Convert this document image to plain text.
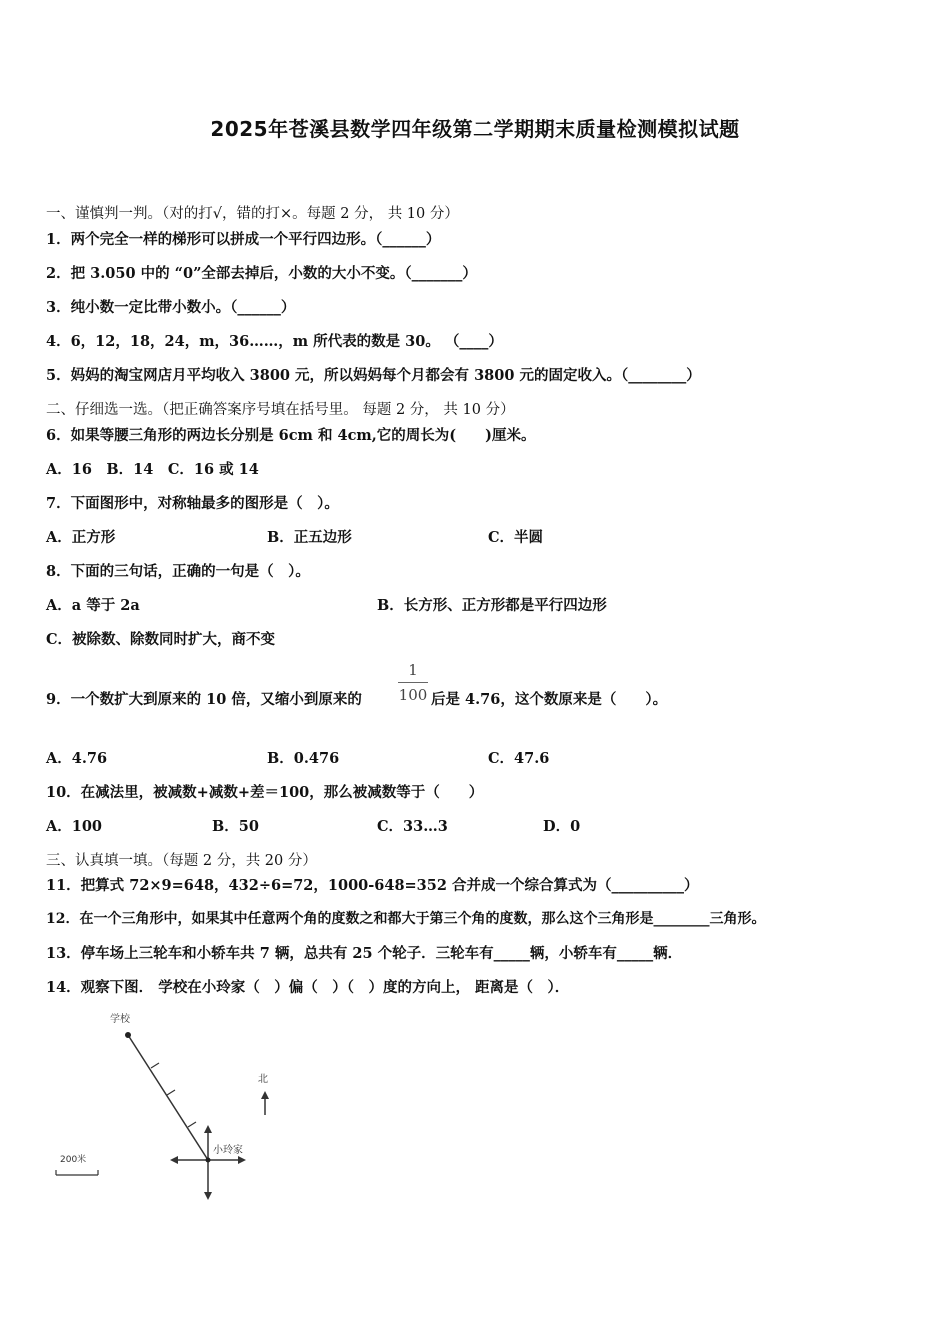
2025年苍溪县数学四年级第二学期期末质量检测模拟试题
一、谨慎判一判。（对的打√，错的打×。每题 2 分， 共 10 分）
1．两个完全一样的梯形可以拼成一个平行四边形。（______）
2．把 3.050 中的 “0”全部去掉后，小数的大小不变。（_______）
3．纯小数一定比带小数小。（______）
4．6，12，18，24，m，36……，m 所代表的数是 30。 （____）
5．妈妈的淘宝网店月平均收入 3800 元，所以妈妈每个月都会有 3800 元的固定收入。（________）
二、仔细选一选。（把正确答案序号填在括号里。 每题 2 分， 共 10 分）
6．如果等腰三角形的两边长分别是 6cm 和 4cm,它的周长为(　　)厘米。
A．16　B．14　C．16 或 14
7．下面图形中，对称轴最多的图形是（　）。
A．正方形	B．正五边形	C．半圆
8．下面的三句话，正确的一句是（　）。
A．a 等于 2a	B．长方形、正方形都是平行四边形
C．被除数、除数同时扩大，商不变
9．一个数扩大到原来的 10 倍，又缩小到原来的
1
100 后是 4.76，这个数原来是（　　）。
A．4.76	B．0.476	C．47.6
10．在减法里，被减数+减数+差＝100，那么被减数等于（　　）
A．100	B．50	C．33…3	D．0
三、认真填一填。（每题 2 分，共 20 分）
11．把算式 72×9=648，432÷6=72，1000-648=352 合并成一个综合算式为（__________）
12．在一个三角形中，如果其中任意两个角的度数之和都大于第三个角的度数，那么这个三角形是________三角形。
13．停车场上三轮车和小轿车共 7 辆，总共有 25 个轮子．三轮车有_____辆，小轿车有_____辆．
14．观察下图． 学校在小玲家（　）偏（　）（　）度的方向上， 距离是（　）．
学校
小玲家
北
200米
